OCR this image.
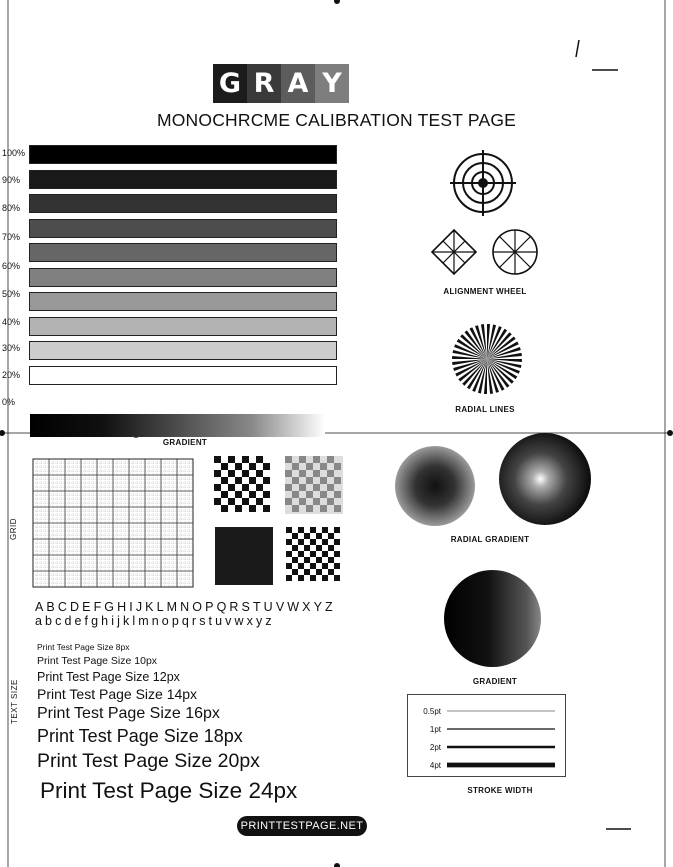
G R A Y
MONOCHRCME CALIBRATION TEST PAGE
100%
90%
80%
70%
60%
50%
40%
30%
20%
0%
GRADIENT
ALIGNMENT WHEEL
RADIAL LINES
RADIAL GRADIENT
GRADIENT
0.5pt
1pt
2pt
4pt
STROKE WIDTH
GRID
ABCDEFGHIJKLMNOPQRSTUVWXYZ
abcdefghijklmnopqrstuvwxyz
TEXT SIZE
Print Test Page Size 8px
Print Test Page Size 10px
Print Test Page Size 12px
Print Test Page Size 14px
Print Test Page Size 16px
Print Test Page Size 18px
Print Test Page Size 20px
Print Test Page Size 24px
PRINTTESTPAGE.NET
